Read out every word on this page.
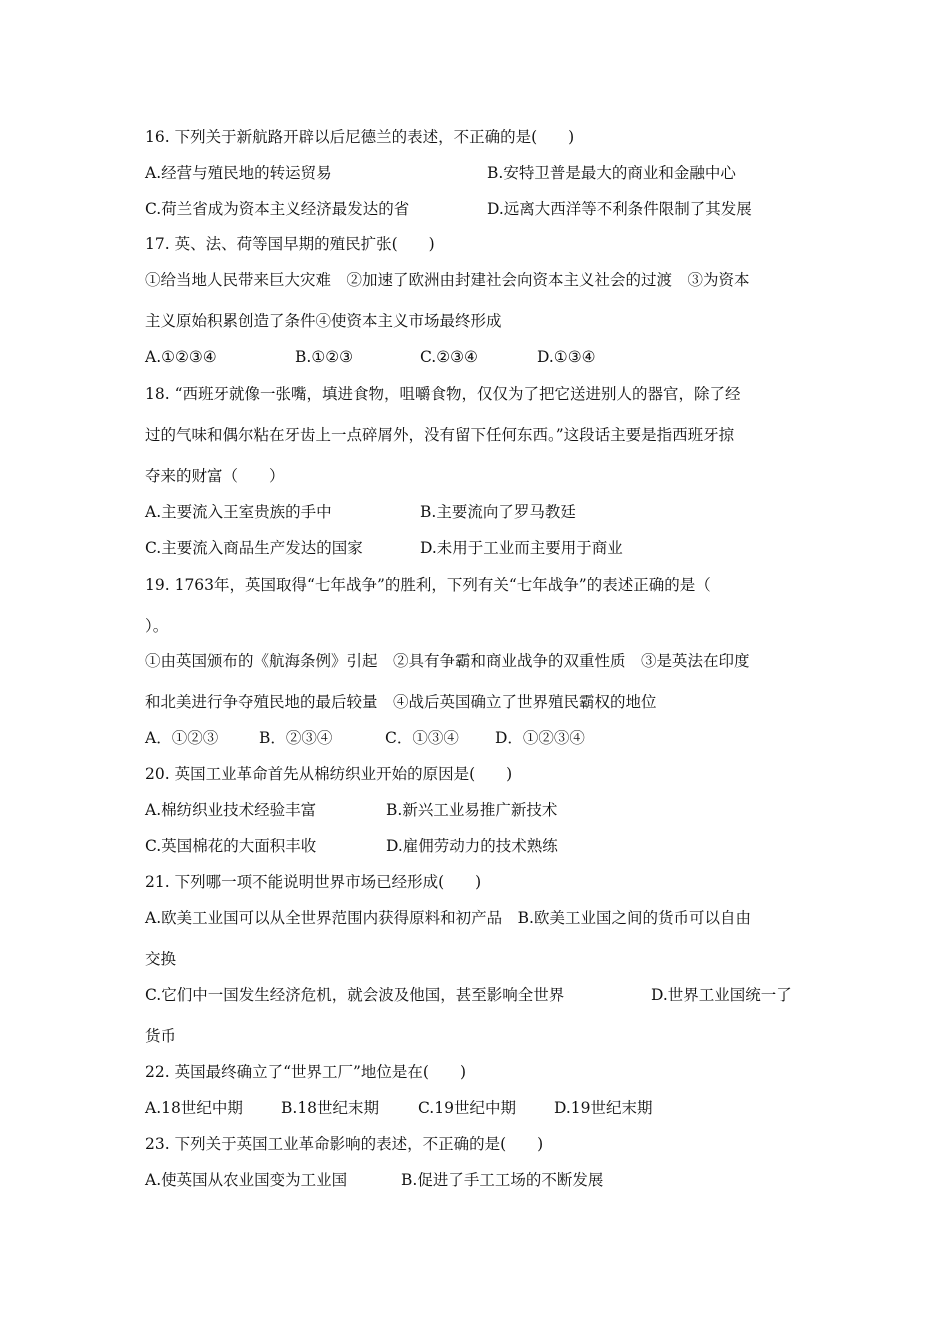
16. 下列关于新航路开辟以后尼德兰的表述，不正确的是(　　)
A.经营与殖民地的转运贸易	B.安特卫普是最大的商业和金融中心
C.荷兰省成为资本主义经济最发达的省	D.远离大西洋等不利条件限制了其发展
17. 英、法、荷等国早期的殖民扩张(　　)
①给当地人民带来巨大灾难　②加速了欧洲由封建社会向资本主义社会的过渡　③为资本
主义原始积累创造了条件④使资本主义市场最终形成
A.①②③④	B.①②③	C.②③④	D.①③④
18. “西班牙就像一张嘴，填进食物，咀嚼食物，仅仅为了把它送进别人的器官，除了经
过的气味和偶尔粘在牙齿上一点碎屑外，没有留下任何东西。”这段话主要是指西班牙掠
夺来的财富（　　）
A.主要流入王室贵族的手中	B.主要流向了罗马教廷
C.主要流入商品生产发达的国家	D.未用于工业而主要用于商业
19. 1763年，英国取得“七年战争”的胜利，下列有关“七年战争”的表述正确的是（
）。
①由英国颁布的《航海条例》引起　②具有争霸和商业战争的双重性质　③是英法在印度
和北美进行争夺殖民地的最后较量　④战后英国确立了世界殖民霸权的地位
A．①②③	B．②③④	C．①③④ D．①②③④
20. 英国工业革命首先从棉纺织业开始的原因是(　　)
A.棉纺织业技术经验丰富	B.新兴工业易推广新技术
C.英国棉花的大面积丰收	D.雇佣劳动力的技术熟练
21. 下列哪一项不能说明世界市场已经形成(　　)
A.欧美工业国可以从全世界范围内获得原料和初产品　B.欧美工业国之间的货币可以自由
交换
C.它们中一国发生经济危机，就会波及他国，甚至影响全世界	D.世界工业国统一了
货币
22. 英国最终确立了“世界工厂”地位是在(　　)
A.18世纪中期 B.18世纪末期	C.19世纪中期 D.19世纪末期
23. 下列关于英国工业革命影响的表述，不正确的是(　　)
A.使英国从农业国变为工业国	B.促进了手工工场的不断发展
